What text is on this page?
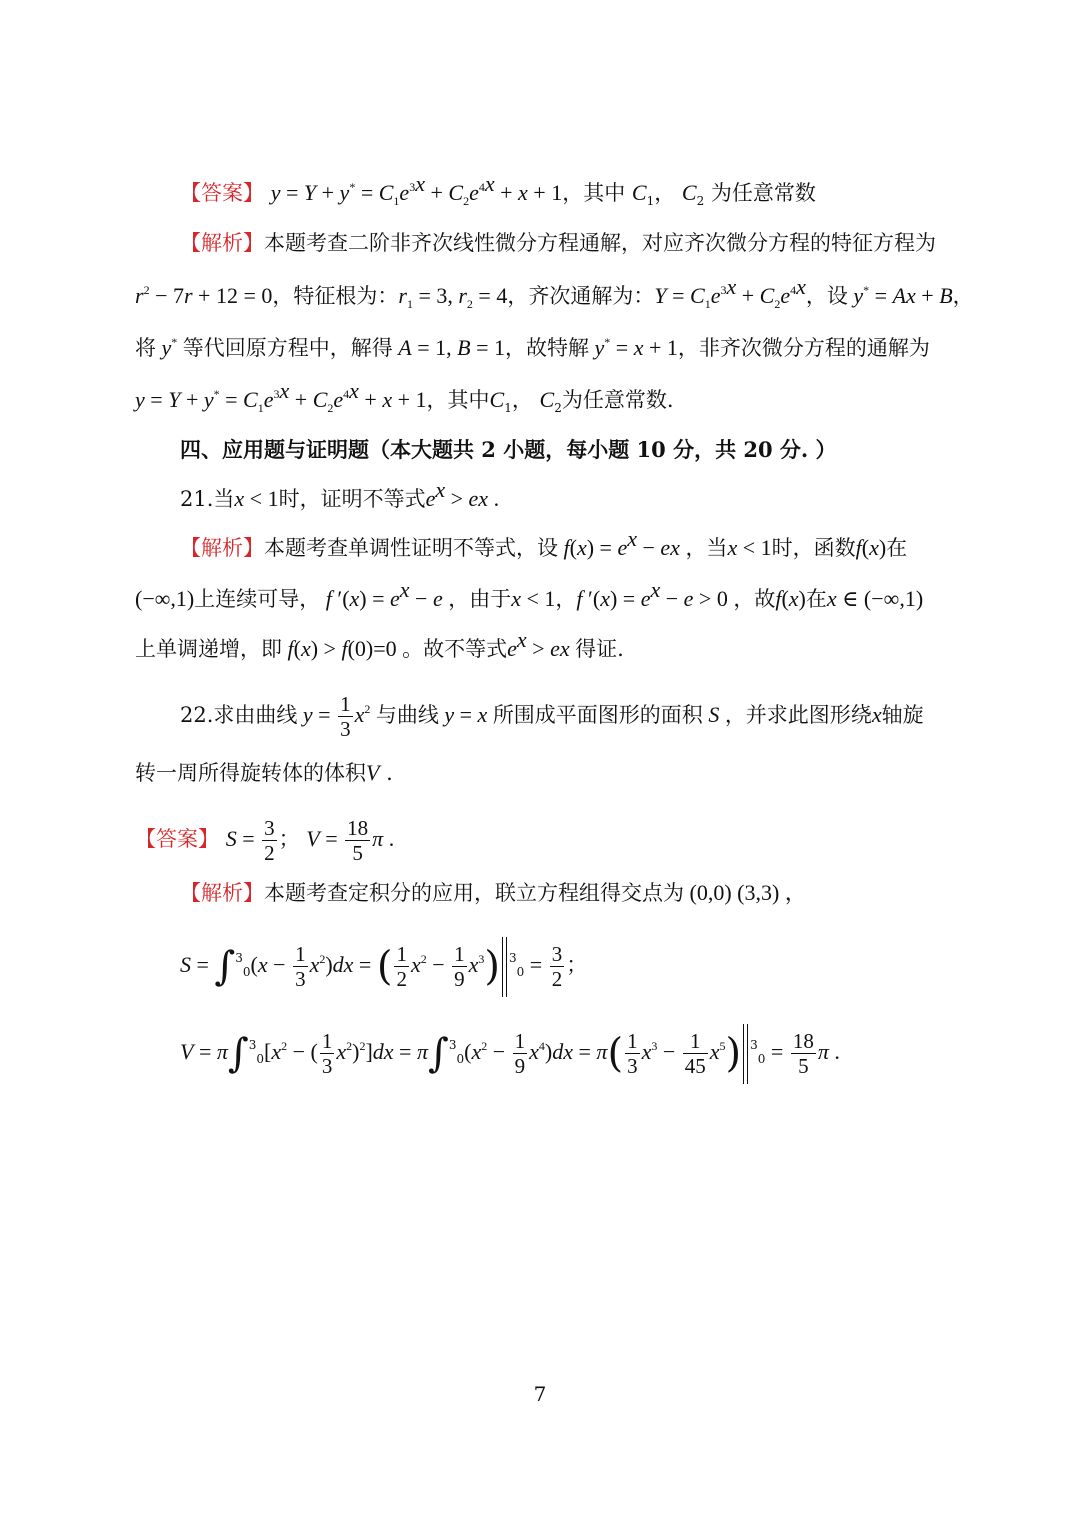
【答案】 $y = Y + y^* = C_1e^{3x} + C_2e^{4x} + x + 1$，其中 $C_1$， $C_2$ 为任意常数
【解析】本题考查二阶非齐次线性微分方程通解，对应齐次微分方程的特征方程为
$r^2 - 7r + 12 = 0$，特征根为：$r_1 = 3$, $r_2 = 4$，齐次通解为：$Y = C_1e^{3x} + C_2e^{4x}$，设 y* = Ax + B，
将 y* 等代回原方程中，解得 A = 1, B = 1，故特解 y* = x + 1，非齐次微分方程的通解为
$y = Y + y^* = C_1e^{3x} + C_2e^{4x} + x + 1$，其中$C_1$， $C_2$为任意常数.
四、应用题与证明题（本大题共 2 小题，每小题 10 分，共 20 分. ）
21.当x < 1时，证明不等式$e^x$ > ex .
【解析】本题考查单调性证明不等式，设 $f(x) = e^x$ − ex ，当x < 1时，函数f(x)在
(−∞,1)上连续可导， f $'(x) = e^x - e$ ，由于x < 1，f $'(x) = e^x - e > 0$ ，故f(x)在x ∈ (−∞,1)
上单调递增，即 f(x) > f(0)=0 。故不等式$e^x$ > ex 得证.
22.求由曲线 $y = \frac{1}{3} x^2$ 与曲线 y = x 所围成平面图形的面积 S ，并求此图形绕x轴旋
转一周所得旋转体的体积V .
【答案】 $S = \frac{3}{2}$ ； $V = \frac{18}{5}$ π .
【解析】本题考查定积分的应用，联立方程组得交点为 (0,0) (3,3) ，
$S = \int^3_0(x - \frac{1}{3} x^2)dx$ = ( $\frac{1}{2} x^2 - \frac{1}{9} x^3$) $^3_0 = \frac{3}{2}$ ；
$V = \pi\int^3_0[x^2$ − ( $\frac{1}{3} x^2)^2]dx = \pi\int^3_0(x^2 - \frac{1}{9} x^4)dx = \pi( \frac{1}{3} x^3 - \frac{1}{45} x^5)$ $^3_0 = \frac{18}{5}$ π .
7
